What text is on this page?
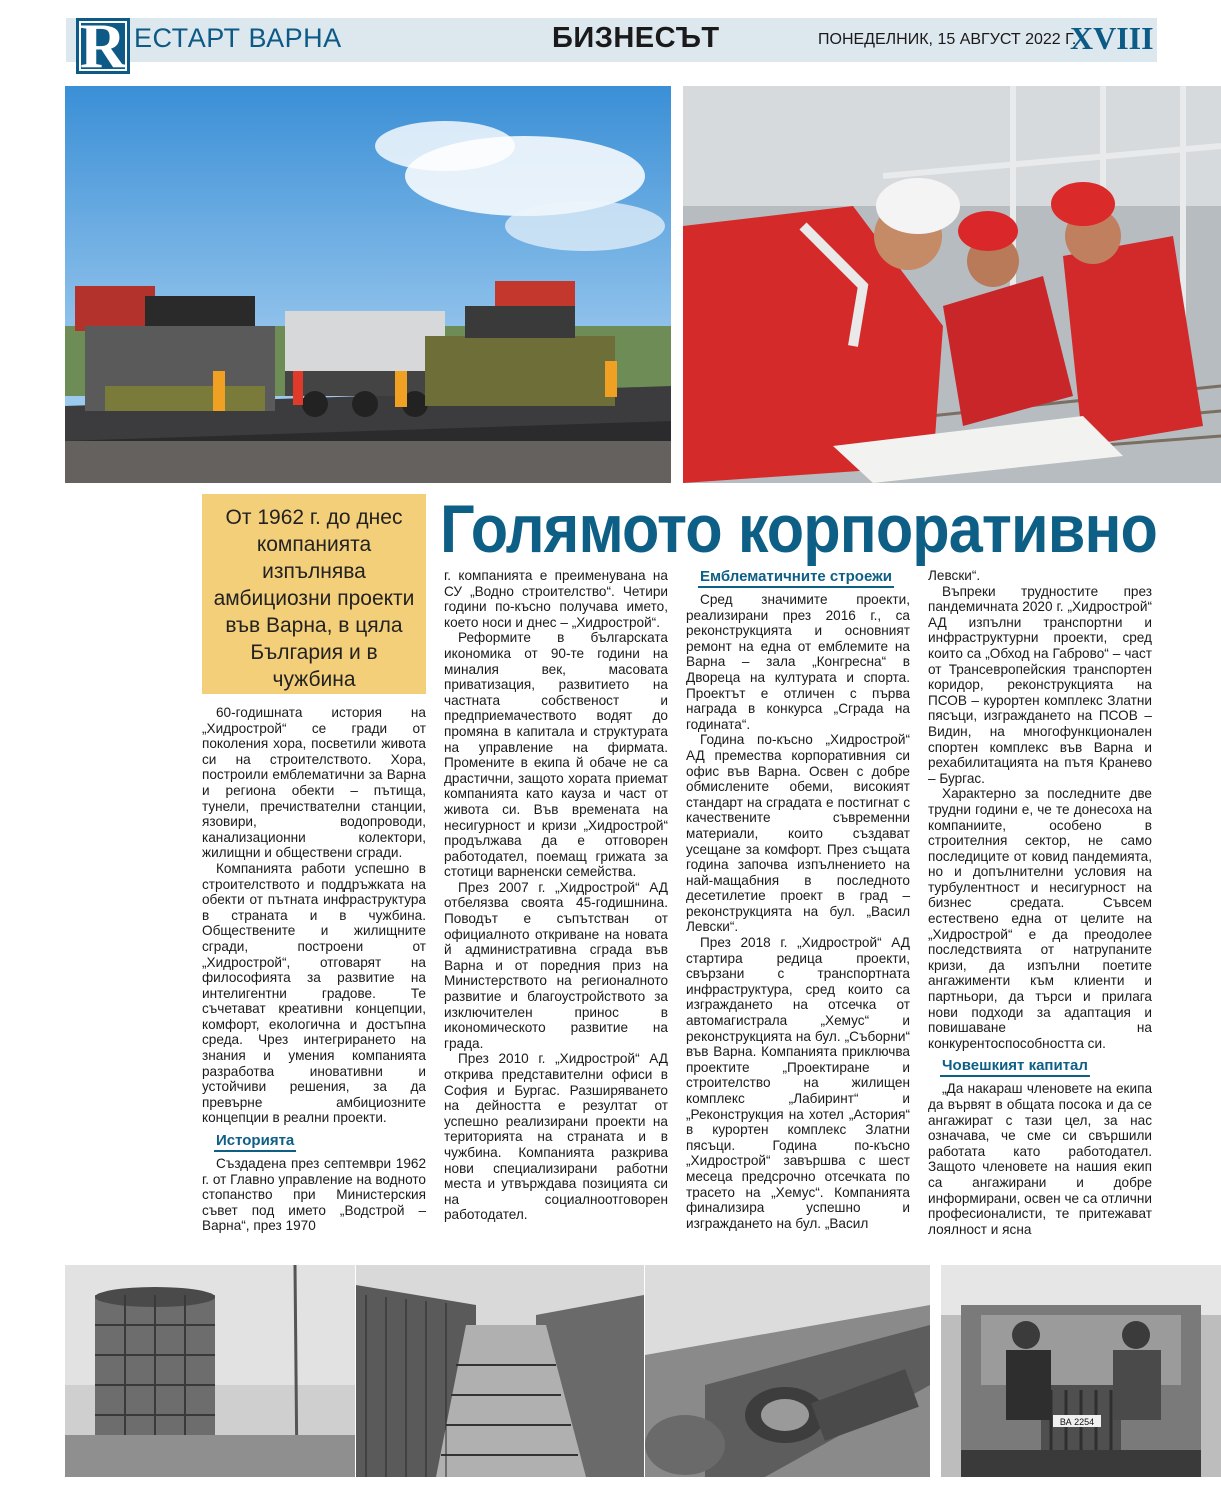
R ЕСТАРТ ВАРНА	БИЗНЕСЪТ	ПОНЕДЕЛНИК, 15 АВГУСТ 2022 Г.
XVIII
От 1962 г. до днес компанията изпълнява амбициозни проекти във Варна, в цяла България и в чужбина
Голямото корпоративно

60-годишната история на „Хидрострой“ се гради от поколения хора, посветили живота си на строителството. Хора, построили емблематични за Варна и региона обекти – пътища, тунели, пречиствателни станции, язовири, водопроводи, канализационни колектори, жилищни и обществени сгради.

Компанията работи успешно в строителството и поддръжката на обекти от пътната инфраструктура в страната и в чужбина. Обществените и жилищните сгради, построени от „Хидрострой“, отговарят на философията за развитие на интелигентни градове. Те съчетават креативни концепции, комфорт, екологична и достъпна среда. Чрез интегрирането на знания и умения компанията разработва иновативни и устойчиви решения, за да превърне амбициозните концепции в реални проекти.

Историята

Създадена през септември 1962 г. от Главно управление на водното стопанство при Министерския съвет под името „Водстрой – Варна“, през 1970

г. компанията е преименувана на СУ „Водно строителство“. Четири години по-късно получава името, което носи и днес – „Хидрострой“.

Реформите в българската икономика от 90-те години на миналия век, масовата приватизация, развитието на частната собственост и предприемачеството водят до промяна в капитала и структурата на управление на фирмата. Промените в екипа й обаче не са драстични, защото хората приемат компанията като кауза и част от живота си. Във времената на несигурност и кризи „Хидрострой“ продължава да е отговорен работодател, поемащ грижата за стотици варненски семейства.

През 2007 г. „Хидрострой“ АД отбелязва своята 45-годишнина. Поводът е съпътстван от официалното откриване на новата й административна сграда във Варна и от поредния приз на Министерството на регионалното развитие и благоустройството за изключителен принос в икономическото развитие на града.

През 2010 г. „Хидрострой“ АД открива представителни офиси в София и Бургас. Разширяването на дейността е резултат от успешно реализирани проекти на територията на страната и в чужбина. Компанията разкрива нови специализирани работни места и утвърждава позицията си на социалноотговорен работодател.

Емблематичните строежи

Сред значимите проекти, реализирани през 2016 г., са реконструкцията и основният ремонт на една от емблемите на Варна – зала „Конгресна“ в Двореца на културата и спорта. Проектът е отличен с първа награда в конкурса „Сграда на годината“.

Година по-късно „Хидрострой“ АД премества корпоративния си офис във Варна. Освен с добре обмислените обеми, високият стандарт на сградата е постигнат с качествените съвременни материали, които създават усещане за комфорт. През същата година започва изпълнението на най-мащабния в последното десетилетие проект в град – реконструкцията на бул. „Васил Левски“.

През 2018 г. „Хидрострой“ АД стартира редица проекти, свързани с транспортната инфраструктура, сред които са изграждането на отсечка от автомагистрала „Хемус“ и реконструкцията на бул. „Съборни“ във Варна. Компанията приключва проектите „Проектиране и строителство на жилищен комплекс „Лабиринт“ и „Реконструкция на хотел „Астория“ в курортен комплекс Златни пясъци. Година по-късно „Хидрострой“ завършва с шест месеца предсрочно отсечката по трасето на „Хемус“. Компанията финализира успешно и изграждането на бул. „Васил

Левски“.

Въпреки трудностите през пандемичната 2020 г. „Хидрострой“ АД изпълни транспортни и инфраструктурни проекти, сред които са „Обход на Габрово“ – част от Трансевропейския транспортен коридор, реконструкцията на ПСОВ – курортен комплекс Златни пясъци, изграждането на ПСОВ – Видин, на многофункционален спортен комплекс във Варна и рехабилитацията на пътя Кранево – Бургас.

Характерно за последните две трудни години е, че те донесоха на компаниите, особено в строителния сектор, не само последиците от ковид пандемията, но и допълнителни условия на турбулентност и несигурност на бизнес средата. Съвсем естествено една от целите на „Хидрострой“ е да преодолее последствията от натрупаните кризи, да изпълни поетите ангажименти към клиенти и партньори, да търси и прилага нови подходи за адаптация и повишаване на конкурентоспособността си.

Човешкият капитал

„Да накараш членовете на екипа да вървят в общата посока и да се ангажират с тази цел, за нас означава, че сме си свършили работата като работодател. Защото членовете на нашия екип са ангажирани и добре информирани, освен че са отлични професионалисти, те притежават лоялност и ясна

ВА 2254
